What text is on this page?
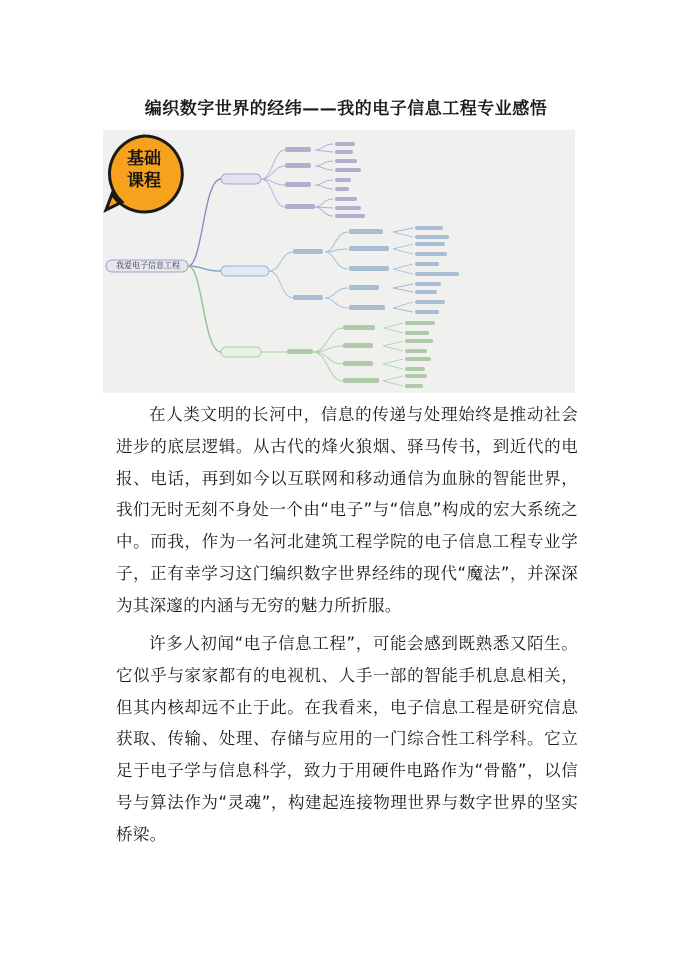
编织数字世界的经纬——我的电子信息工程专业感悟
我爱电子信息工程
基础课程

在人类文明的长河中，信息的传递与处理始终是推动社会进步的底层逻辑。从古代的烽火狼烟、驿马传书，到近代的电报、电话，再到如今以互联网和移动通信为血脉的智能世界，我们无时无刻不身处一个由“电子”与“信息”构成的宏大系统之中。而我，作为一名河北建筑工程学院的电子信息工程专业学子，正有幸学习这门编织数字世界经纬的现代“魔法”，并深深为其深邃的内涵与无穷的魅力所折服。

许多人初闻“电子信息工程”，可能会感到既熟悉又陌生。它似乎与家家都有的电视机、人手一部的智能手机息息相关，但其内核却远不止于此。在我看来，电子信息工程是研究信息获取、传输、处理、存储与应用的一门综合性工科学科。它立足于电子学与信息科学，致力于用硬件电路作为“骨骼”，以信号与算法作为“灵魂”，构建起连接物理世界与数字世界的坚实桥梁。
